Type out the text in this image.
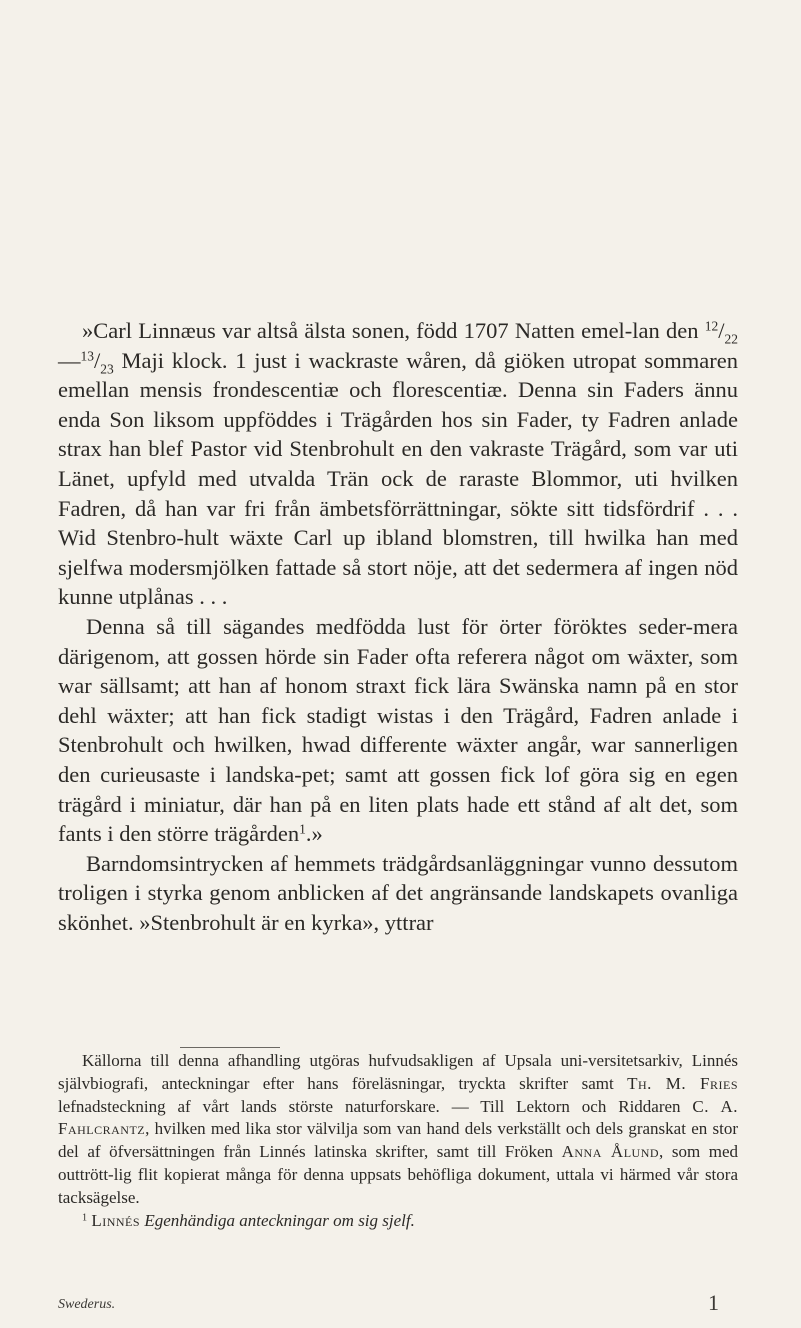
»Carl Linnæus var altså älsta sonen, född 1707 Natten emel-lan den $^{12}/_{22}—^{13}/_{23}$ Maji klock. 1 just i wackraste wåren, då giöken utropat sommaren emellan mensis frondescentiæ och florescentiæ. Denna sin Faders ännu enda Son liksom uppföddes i Trägården hos sin Fader, ty Fadren anlade strax han blef Pastor vid Stenbrohult en den vakraste Trägård, som var uti Länet, upfyld med utvalda Trän ock de raraste Blommor, uti hvilken Fadren, då han var fri från ämbetsförrättningar, sökte sitt tidsfördrif . . . Wid Stenbro-hult wäxte Carl up ibland blomstren, till hwilka han med sjelfwa modersmjölken fattade så stort nöje, att det sedermera af ingen nöd kunne utplånas . . .

Denna så till sägandes medfödda lust för örter föröktes seder-mera därigenom, att gossen hörde sin Fader ofta referera något om wäxter, som war sällsamt; att han af honom straxt fick lära Swänska namn på en stor dehl wäxter; att han fick stadigt wistas i den Trägård, Fadren anlade i Stenbrohult och hwilken, hwad differente wäxter angår, war sannerligen den curieusaste i landska-pet; samt att gossen fick lof göra sig en egen trägård i miniatur, där han på en liten plats hade ett stånd af alt det, som fants i den större trägården$^1$.»

Barndomsintrycken af hemmets trädgårdsanläggningar vunno dessutom troligen i styrka genom anblicken af det angränsande landskapets ovanliga skönhet. »Stenbrohult är en kyrka», yttrar

Källorna till denna afhandling utgöras hufvudsakligen af Upsala uni-versitetsarkiv, Linnés självbiografi, anteckningar efter hans föreläsningar, tryckta skrifter samt Th. M. Fries lefnadsteckning af vårt lands störste naturforskare. — Till Lektorn och Riddaren C. A. Fahlcrantz, hvilken med lika stor välvilja som van hand dels verkställt och dels granskat en stor del af öfversättningen från Linnés latinska skrifter, samt till Fröken Anna Ålund, som med outtrött-lig flit kopierat många för denna uppsats behöfliga dokument, uttala vi härmed vår stora tacksägelse.

$^1$ Linnés Egenhändiga anteckningar om sig sjelf.

Swederus.	1
